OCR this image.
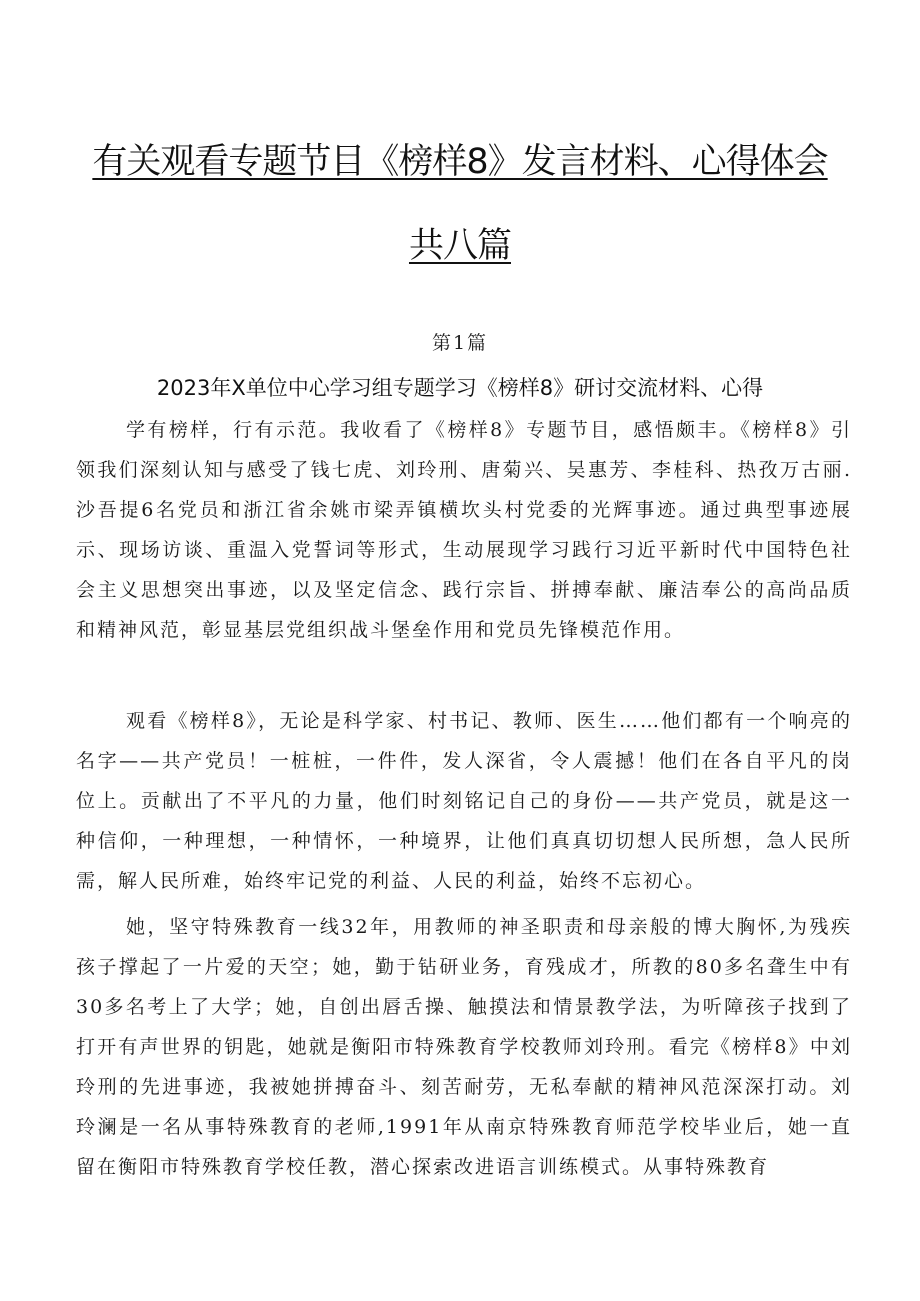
有关观看专题节目《榜样8》发言材料、心得体会
共八篇
第1篇
2023年X单位中心学习组专题学习《榜样8》研讨交流材料、心得

学有榜样，行有示范。我收看了《榜样8》专题节目，感悟颇丰。《榜样8》引领我们深刻认知与感受了钱七虎、刘玲刑、唐菊兴、吴惠芳、李桂科、热孜万古丽.沙吾提6名党员和浙江省余姚市梁弄镇横坎头村党委的光辉事迹。通过典型事迹展示、现场访谈、重温入党誓词等形式，生动展现学习践行习近平新时代中国特色社会主义思想突出事迹，以及坚定信念、践行宗旨、拼搏奉献、廉洁奉公的高尚品质和精神风范，彰显基层党组织战斗堡垒作用和党员先锋模范作用。

观看《榜样8》，无论是科学家、村书记、教师、医生……他们都有一个响亮的名字——共产党员！一桩桩，一件件，发人深省，令人震撼！他们在各自平凡的岗位上。贡献出了不平凡的力量，他们时刻铭记自己的身份——共产党员，就是这一种信仰，一种理想，一种情怀，一种境界，让他们真真切切想人民所想，急人民所需，解人民所难，始终牢记党的利益、人民的利益，始终不忘初心。

她，坚守特殊教育一线32年，用教师的神圣职责和母亲般的博大胸怀,为残疾孩子撑起了一片爱的天空；她，勤于钻研业务，育残成才，所教的80多名聋生中有30多名考上了大学；她，自创出唇舌操、触摸法和情景教学法，为听障孩子找到了打开有声世界的钥匙，她就是衡阳市特殊教育学校教师刘玲刑。看完《榜样8》中刘玲刑的先进事迹，我被她拼搏奋斗、刻苦耐劳，无私奉献的精神风范深深打动。刘玲澜是一名从事特殊教育的老师,1991年从南京特殊教育师范学校毕业后，她一直留在衡阳市特殊教育学校任教，潜心探索改进语言训练模式。从事特殊教育
